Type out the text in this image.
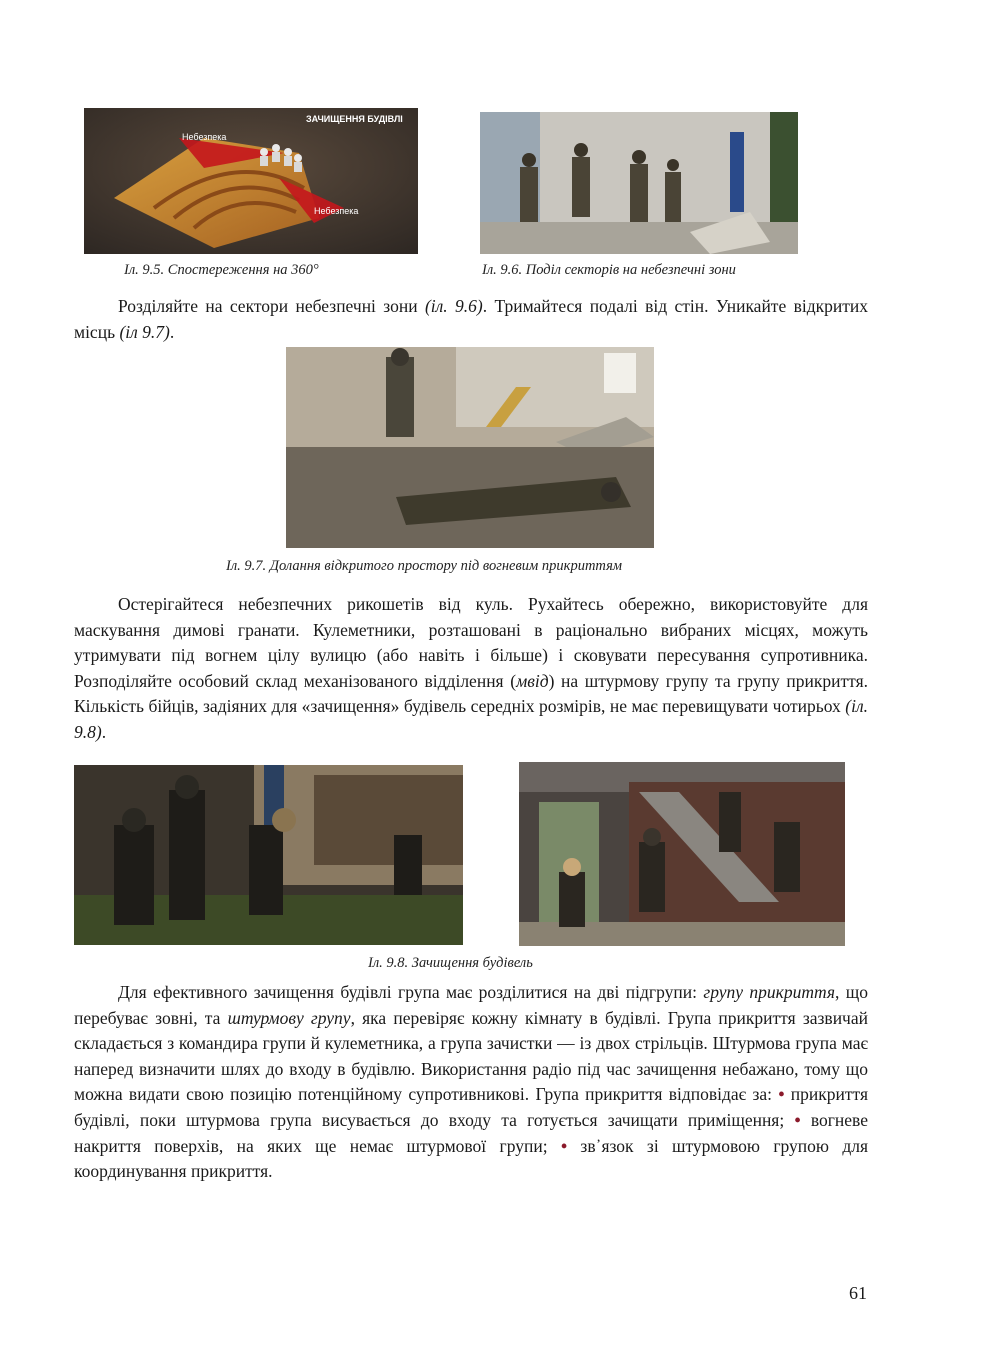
ЗАЧИЩЕННЯ БУДІВЛІ
Небезпека
Небезпека
Іл. 9.5. Спостереження на 360°	Іл. 9.6. Поділ секторів на небезпечні зони

Розділяйте на сектори небезпечні зони (іл. 9.6). Тримайтеся подалі від стін. Уникайте відкритих місць (іл 9.7).

Іл. 9.7. Долання відкритого простору під вогневим прикриттям

Остерігайтеся небезпечних рикошетів від куль. Рухайтесь обережно, використовуйте для маскування димові гранати. Кулеметники, розташовані в раціонально вибраних місцях, можуть утримувати під вогнем цілу вулицю (або навіть і більше) і сковувати пересування супротивника. Розподіляйте особовий склад механізованого відділення (мвід) на штурмову групу та групу прикриття. Кількість бійців, задіяних для «зачищення» будівель середніх розмірів, не має перевищувати чотирьох (іл. 9.8).

Іл. 9.8. Зачищення будівель

Для ефективного зачищення будівлі група має розділитися на дві підгрупи: групу прикриття, що перебуває зовні, та штурмову групу, яка перевіряє кожну кімнату в будівлі. Група прикриття зазвичай складається з командира групи й кулеметника, а група зачистки — із двох стрільців. Штурмова група має наперед визначити шлях до входу в будівлю. Використання радіо під час зачищення небажано, тому що можна видати свою позицію потенційному супротивникові. Група прикриття відповідає за: • прикриття будівлі, поки штурмова група висувається до входу та готується зачищати приміщення; • вогневе накриття поверхів, на яких ще немає штурмової групи; • зв᾿язок зі штурмовою групою для координування прикриття.

61
